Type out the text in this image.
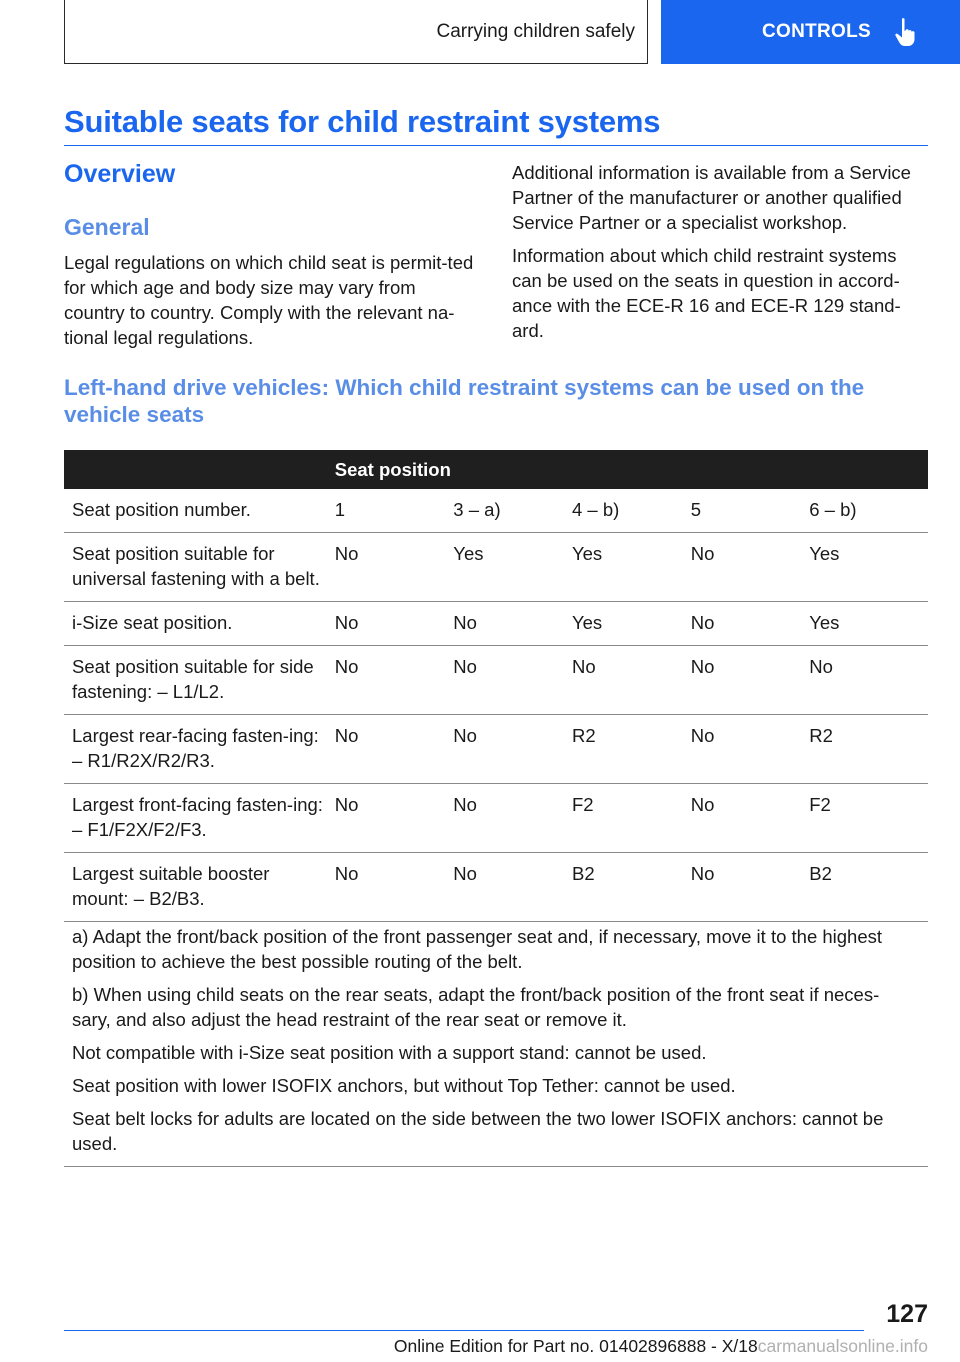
Carrying children safely	CONTROLS
Suitable seats for child restraint systems
Overview
General

Legal regulations on which child seat is permit-ted for which age and body size may vary from country to country. Comply with the relevant na-tional legal regulations.

Additional information is available from a Service Partner of the manufacturer or another qualified Service Partner or a specialist workshop.

Information about which child restraint systems can be used on the seats in question in accord-ance with the ECE-R 16 and ECE-R 129 stand-ard.

Left-hand drive vehicles: Which child restraint systems can be used on the vehicle seats
	Seat position				
Seat position number.	1	3 – a)	4 – b)	5	6 – b)
Seat position suitable for universal fastening with a belt.	No	Yes	Yes	No	Yes
i-Size seat position.	No	No	Yes	No	Yes
Seat position suitable for side fastening: – L1/L2.	No	No	No	No	No
Largest rear-facing fasten-ing: – R1/R2X/R2/R3.	No	No	R2	No	R2
Largest front-facing fasten-ing: – F1/F2X/F2/F3.	No	No	F2	No	F2
Largest suitable booster mount: – B2/B3.	No	No	B2	No	B2

a) Adapt the front/back position of the front passenger seat and, if necessary, move it to the highest position to achieve the best possible routing of the belt.

b) When using child seats on the rear seats, adapt the front/back position of the front seat if neces-sary, and also adjust the head restraint of the rear seat or remove it.

Not compatible with i-Size seat position with a support stand: cannot be used.

Seat position with lower ISOFIX anchors, but without Top Tether: cannot be used.

Seat belt locks for adults are located on the side between the two lower ISOFIX anchors: cannot be used.

127
Online Edition for Part no. 01402896888 - X/18carmanualsonline.info
